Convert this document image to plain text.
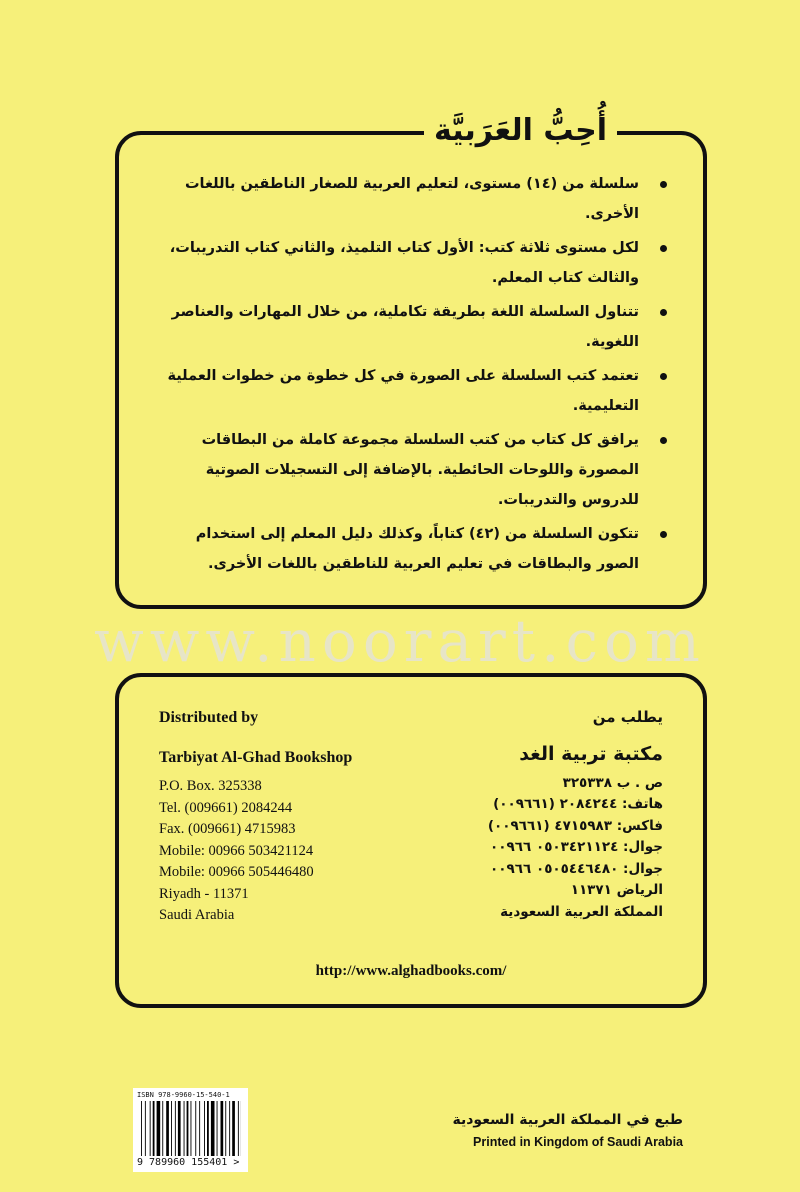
أُحِبُّ العَرَبيَّة
سلسلة من (١٤) مستوى، لتعليم العربية للصغار الناطقين باللغات الأخرى.
لكل مستوى ثلاثة كتب: الأول كتاب التلميذ، والثاني كتاب التدريبات، والثالث كتاب المعلم.
تتناول السلسلة اللغة بطريقة تكاملية، من خلال المهارات والعناصر اللغوية.
تعتمد كتب السلسلة على الصورة في كل خطوة من خطوات العملية التعليمية.
يرافق كل كتاب من كتب السلسلة مجموعة كاملة من البطاقات المصورة واللوحات الحائطية. بالإضافة إلى التسجيلات الصوتية للدروس والتدريبات.
تتكون السلسلة من (٤٢) كتاباً، وكذلك دليل المعلم إلى استخدام الصور والبطاقات في تعليم العربية للناطقين باللغات الأخرى.
www.noorart.com
Distributed by
Tarbiyat Al-Ghad Bookshop
P.O. Box. 325338
Tel. (009661) 2084244
Fax. (009661) 4715983
Mobile: 00966 503421124
Mobile: 00966 505446480
Riyadh - 11371
Saudi Arabia
يطلب من
مكتبة تربية الغد
ص . ب ٣٢٥٣٣٨
هاتف: ٢٠٨٤٢٤٤ (٠٠٩٦٦١)
فاكس: ٤٧١٥٩٨٣ (٠٠٩٦٦١)
جوال: ٠٥٠٣٤٢١١٢٤ ٠٠٩٦٦
جوال: ٠٥٠٥٤٤٦٤٨٠ ٠٠٩٦٦
الرياض ١١٣٧١
المملكة العربية السعودية
http://www.alghadbooks.com/
ISBN 978-9960-15-540-1
9 789960 155401 >
طبع في المملكة العربية السعودية
Printed in Kingdom of Saudi Arabia
